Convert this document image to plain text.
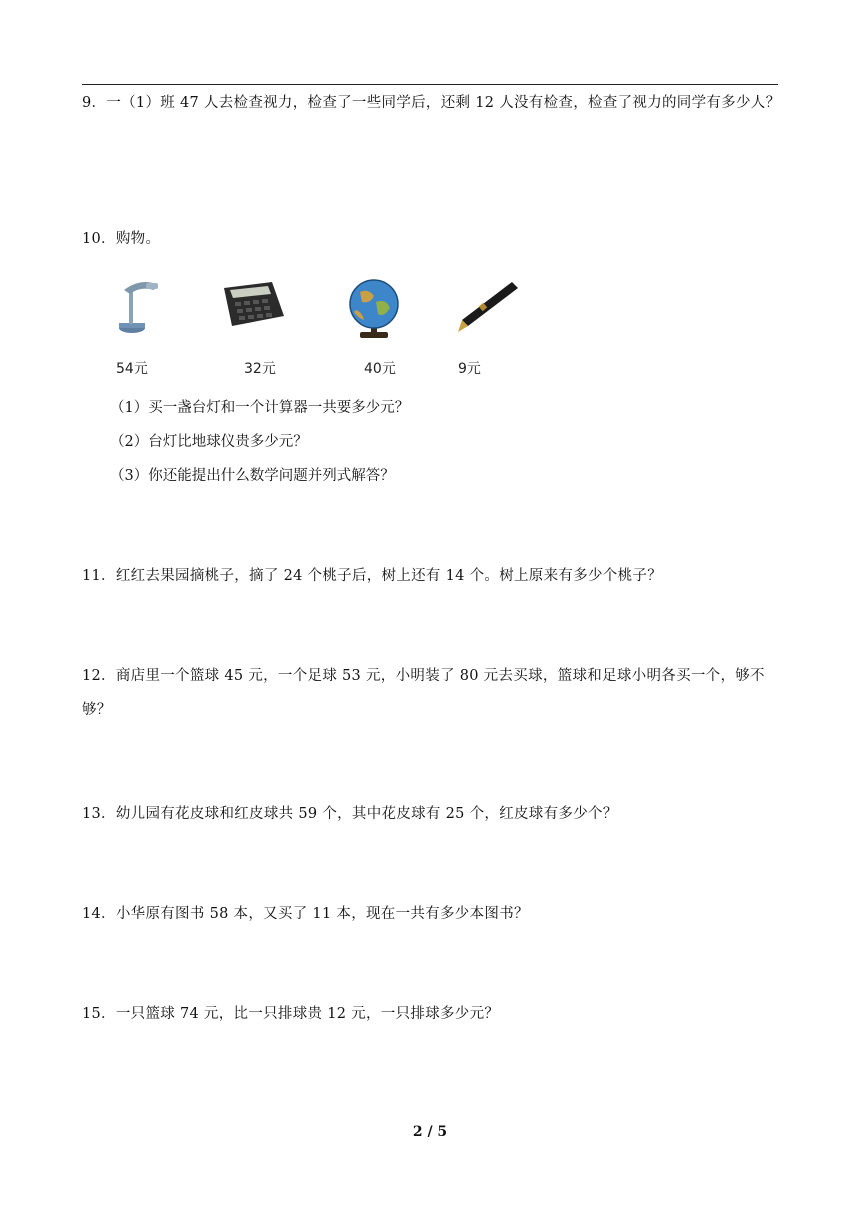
9．一（1）班 47 人去检查视力，检查了一些同学后，还剩 12 人没有检查，检查了视力的同学有多少人？
10．购物。
54元	32元	40元	9元
（1）买一盏台灯和一个计算器一共要多少元？
（2）台灯比地球仪贵多少元？
（3）你还能提出什么数学问题并列式解答？
11．红红去果园摘桃子，摘了 24 个桃子后，树上还有 14 个。树上原来有多少个桃子？
12．商店里一个篮球 45 元，一个足球 53 元，小明装了 80 元去买球，篮球和足球小明各买一个，够不够？
13．幼儿园有花皮球和红皮球共 59 个，其中花皮球有 25 个，红皮球有多少个？
14．小华原有图书 58 本，又买了 11 本，现在一共有多少本图书？
15．一只篮球 74 元，比一只排球贵 12 元，一只排球多少元？
2 / 5
